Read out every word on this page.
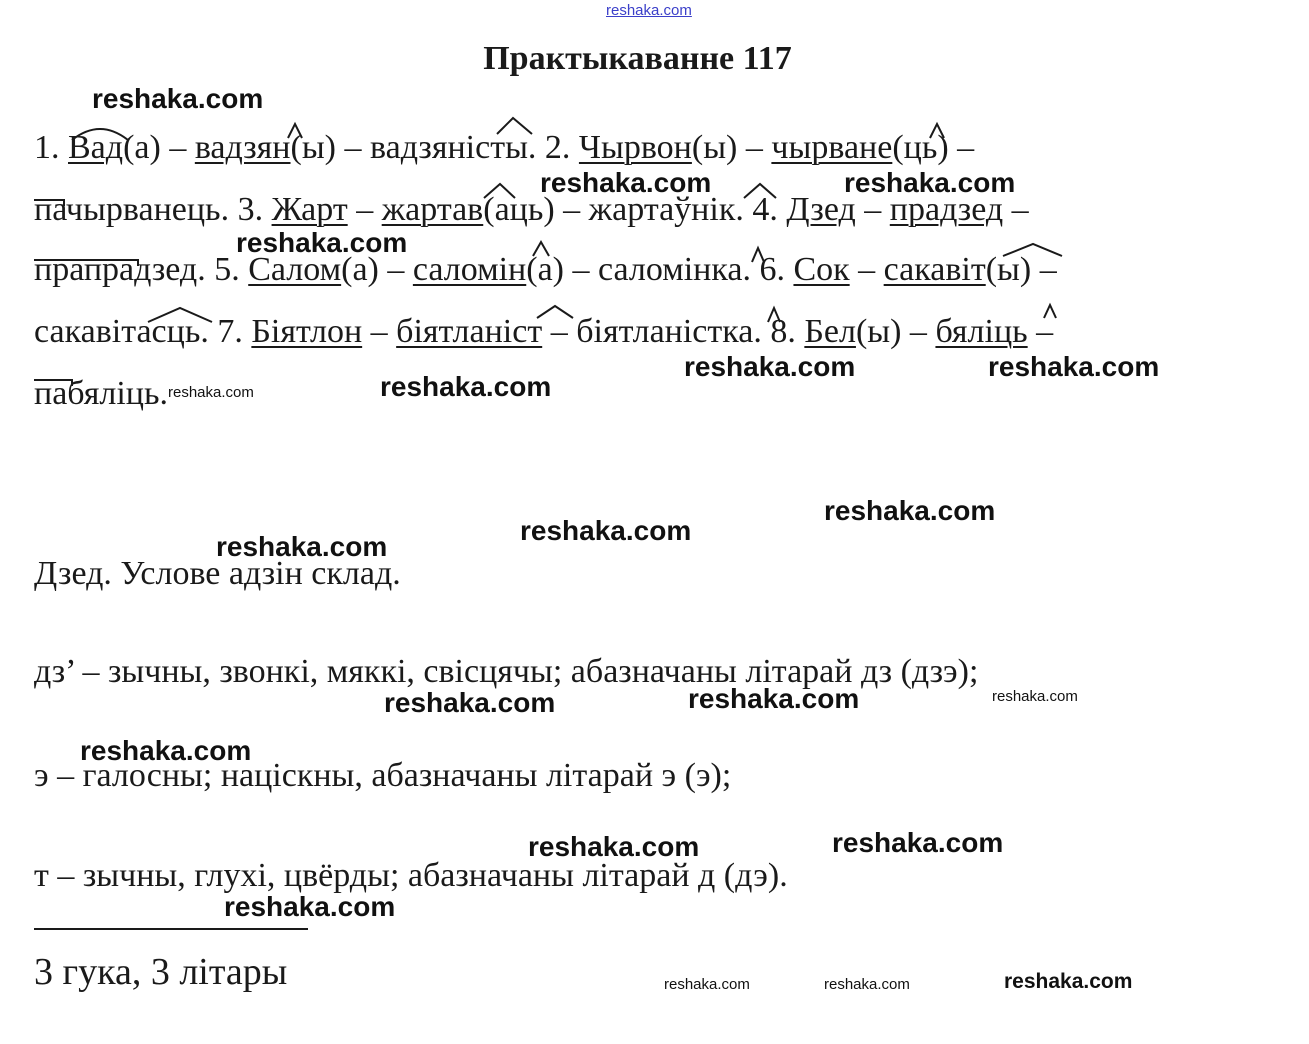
reshaka.com
Практыкаванне 117
1. Вад(а) – вадзян(ы) – вадзяністы. 2. Чырвон(ы) – чырване(ць) –
пачырванець. 3. Жарт – жартав(аць) – жартаўнік. 4. Дзед – прадзед –
прапрадзед. 5. Салом(а) – саломін(а) – саломінка. 6. Сок – сакавіт(ы) –
сакавітасць. 7. Біятлон – біятланіст – біятланістка. 8. Бел(ы) – бяліць –
пабяліць.
Дзед. Услове адзін склад.
дз’ – зычны, звонкі, мяккі, свісцячы; абазначаны літарай дз (дзэ);
э – галосны; націскны, абазначаны літарай э (э);
т – зычны, глухі, цвёрды; абазначаны літарай д (дэ).
3 гука, 3 літары
reshaka.com
reshaka.com	reshaka.com
reshaka.com
reshaka.com	reshaka.com
reshaka.com	reshaka.com
reshaka.com
reshaka.com
reshaka.com
reshaka.com
reshaka.com	reshaka.com
reshaka.com
reshaka.com
reshaka.com
reshaka.com
reshaka.com	reshaka.com	reshaka.com
